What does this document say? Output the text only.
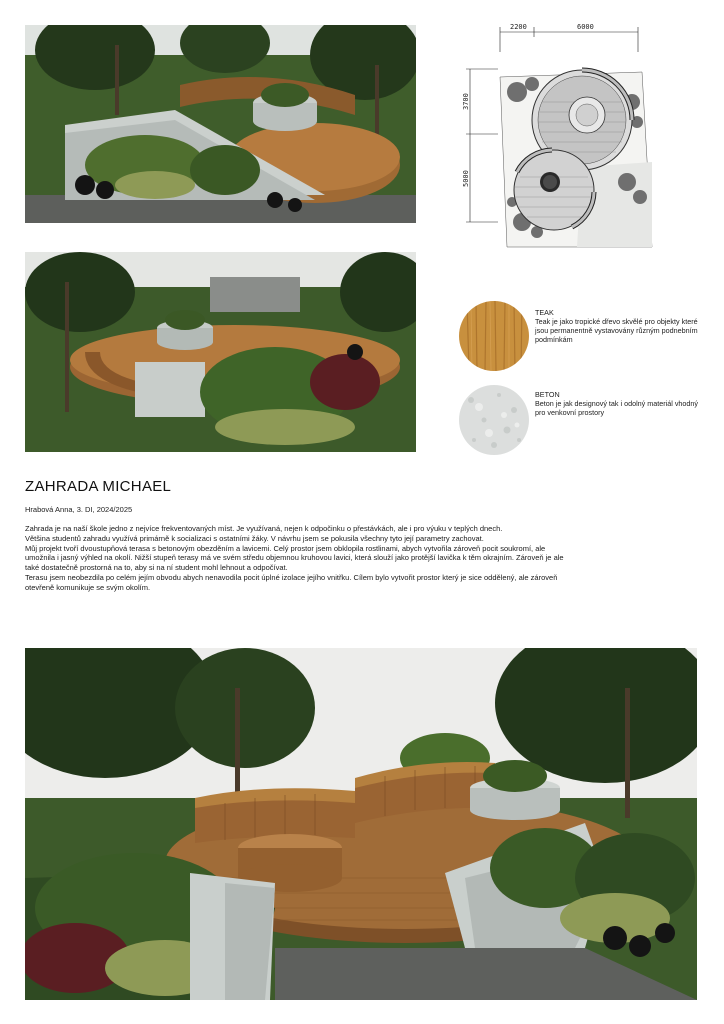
2200	6000
3700
5000
TEAK
Teak je jako tropické dřevo skvělé pro objekty které jsou permanentně vystavovány různým podnebním podmínkám
BETON
Beton je jak designový tak i odolný materiál vhodný pro venkovní prostory
ZAHRADA MICHAEL
Hrabová Anna, 3. DI, 2024/2025

Zahrada je na naší škole jedno z nejvíce frekventovaných míst. Je využívaná, nejen k odpočinku o přestávkách, ale i pro výuku v teplých dnech.

Většina studentů zahradu využívá primárně k socializaci s ostatními žáky. V návrhu jsem se pokusila všechny tyto její parametry zachovat.

Můj projekt tvoří dvoustupňová terasa s betonovým obezděním a lavicemi. Celý prostor jsem obklopila rostlinami, abych vytvořila zároveň pocit soukromí, ale umožnila i jasný výhled na okolí. Nižší stupeň terasy má ve svém středu objemnou kruhovou lavici, která slouží jako protější lavička k těm okrajním. Zároveň je ale také dostatečně prostorná na to, aby si na ní student mohl lehnout a odpočívat.

Terasu jsem neobezdila po celém jejím obvodu abych nenavodila pocit úplné izolace jejího vnitřku. Cílem bylo vytvořit prostor který je sice oddělený, ale zároveň otevřeně komunikuje se svým okolím.
